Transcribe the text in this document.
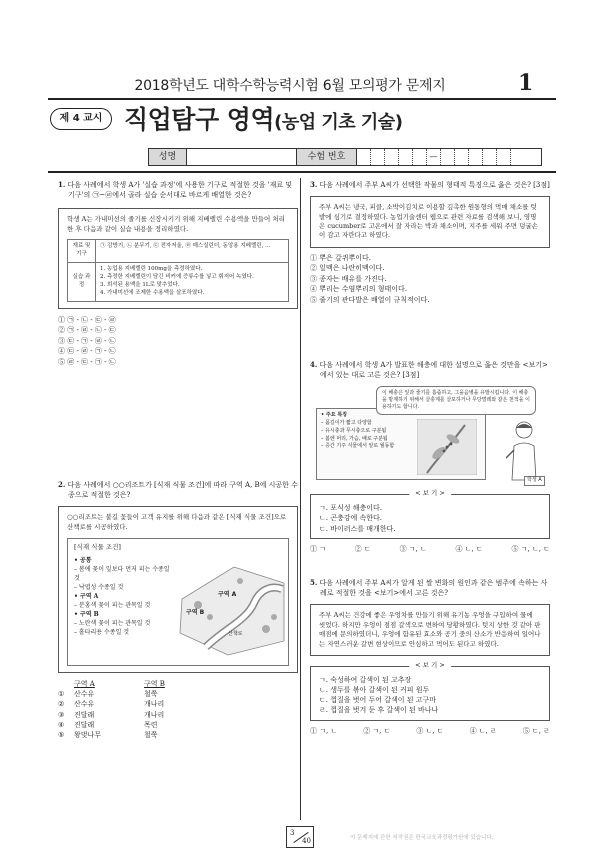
2018학년도 대학수학능력시험 6월 모의평가 문제지	1
제 4 교시 직업탐구 영역(농업 기초 기술)
성명	수험 번호	—
1. 다음 사례에서 학생 A가 '실습 과정'에 사용한 기구로 적절한 것을 '재료 및 기구'의 ㉠~㉣에서 골라 실습 순서대로 바르게 배열한 것은?
학생 A는 가내미선의 줄기를 신장시키기 위해 지베렐린 수용액을 만들어 처리한 후 다음과 같이 실습 내용을 정리하였다.
재료 및 기구	㉠ 감방기, ㉡ 분무기, ㉢ 전자저울, ㉣ 매스실린더, 동앙용 지베렐린, …
실습 과정	1. 농업용 지베렐린 100mg을 측정하였다.
2. 측정한 지베렐린이 담긴 비커에 증류수를 넣고 휘저어 녹였다.
3. 희석된 용액을 1L로 맞추었다.
4. 가내미선에 조제한 수용액을 살포하였다.
① ㉠ - ㉡ - ㉢ - ㉣
② ㉠ - ㉣ - ㉡ - ㉢
③ ㉢ - ㉠ - ㉣ - ㉡
④ ㉢ - ㉣ - ㉠ - ㉡
⑤ ㉣ - ㉢ - ㉠ - ㉡
2. 다음 사례에서 ○○리조트가 [식재 식물 조건]에 따라 구역 A, B에 시공한 수종으로 적절한 것은?
○○리조트는 불길 꽃들이 고객 유지를 위해 다음과 같은 [식재 식물 조건]으로 산책로를 시공하였다.
[식재 식물 조건]
• 공통
– 봄에 꽃이 잎보다 먼저 피는 수종일 것
– 낙엽성 수종일 것
• 구역 A
– 분홍색 꽃이 피는 관목일 것
• 구역 B
– 노란색 꽃이 피는 관목일 것
– 홑타리용 수종일 것
구역 A
구역 B
산책로
구역 A	구역 B
①	산수유	철쭉
②	산수유	개나리
③	진달래	개나리
④	진달래	목련
⑤	왕벚나무	철쭉
3. 다음 사례에서 주부 A씨가 선택한 작물의 형태적 특징으로 옳은 것은? [3점]
주부 A씨는 냉국, 피클, 소박이김치로 이용할 깊촉한 원통형의 먹매 채소를 텃밭에 심기로 결정하였다. 농업기술센터 웹으로 관련 자료를 검색해 보니, 영명은 cucumber로 고온에서 잘 자라는 박과 채소이며, 지주를 세워 주면 덩굴손이 감고 자란다고 하였다.
① 뿌은 갈퀴뿌이다.
② 잎맥은 나란히맥이다.
③ 종자는 배유를 가진다.
④ 뿌리는 수염뿌리의 형태이다.
⑤ 줄기의 관다발은 배열이 규칙적이다.
4. 다음 사례에서 학생 A가 발표한 해충에 대한 설명으로 옳은 것만을 <보기>에서 있는 대로 고른 것은? [3점]
• 주요 특징
– 몸길이가 짧고 다양함
– 유시충과 무시충으로 구분됨
– 봄엔 머리, 가슴, 배로 구분됨
– 증간 기주 식물에서 알로 월동함
이 해충은 잎과 줄기를 흡즙하고, 그을음병을 유발시킵니다. 이 해충을 방제하기 위해서 살충제를 살포하거나 무당벌레와 같은 천적을 이용하기도 합니다.
학생 A
< 보 기 >
ㄱ. 포식성 해충이다.
ㄴ. 곤충강에 속한다.
ㄷ. 바이러스를 매개한다.
① ㄱ	② ㄷ	③ ㄱ, ㄴ	④ ㄴ, ㄷ	⑤ ㄱ, ㄴ, ㄷ
5. 다음 사례에서 주부 A씨가 알게 된 쌀 변화의 원인과 같은 범주에 속하는 사례로 적절한 것을 <보기>에서 고른 것은?
주부 A씨는 건강에 좋은 우엉차를 만들기 위해 유기농 우엉을 구입하여 물에 씻었다. 하지만 우엉이 점점 갈색으로 변하여 당황하였다. 텃지 상한 것 같아 판매점에 문의하였더니, 우엉에 함유된 효소와 공기 중의 산소가 반응하여 일어나는 자연스러운 갈변 현상이므로 안심하고 먹어도 된다고 하였다.
< 보 기 >
ㄱ. 숙성하여 갈색이 된 고추장
ㄴ. 생두를 볶아 갈색이 된 커피 원두
ㄷ. 껍질을 벗어 두어 갈색이 된 고구마
ㄹ. 껍질을 벗겨 둔 후 갈색이 된 바나나
① ㄱ, ㄴ	② ㄱ, ㄷ	③ ㄴ, ㄷ	④ ㄴ, ㄹ	⑤ ㄷ, ㄹ
3
40	이 문제지에 관한 저작권은 한국교육과정평가원에 있습니다.
